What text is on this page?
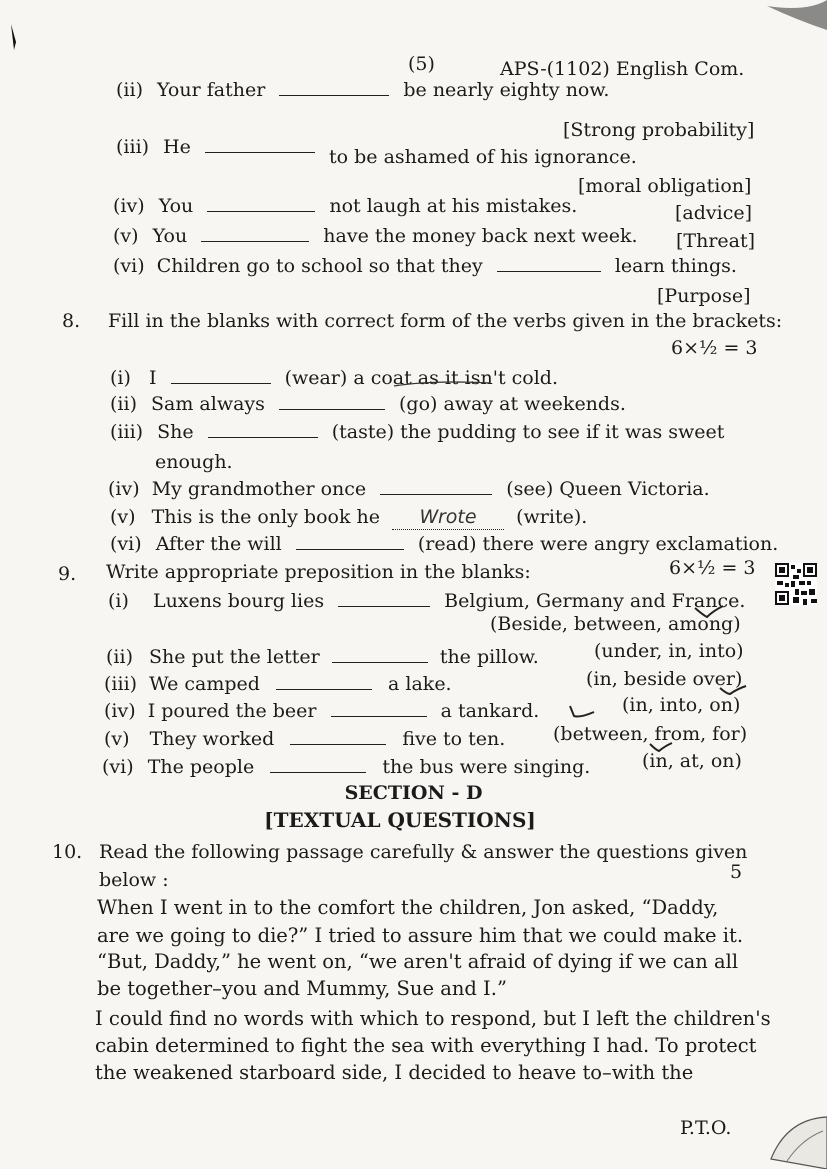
(5)	APS-(1102) English Com.
(ii) Your father	be nearly eighty now.
[Strong probability]
(iii) He	to be ashamed of his ignorance.
[moral obligation]
(iv) You	not laugh at his mistakes.	[advice]
(v) You	have the money back next week. [Threat]
(vi) Children go to school so that they	learn things.
[Purpose]
8. Fill in the blanks with correct form of the verbs given in the brackets:
6×½ = 3
(i) I	(wear) a coat as it isn't cold.
(ii) Sam always	(go) away at weekends.
(iii) She	(taste) the pudding to see if it was sweet
enough.
(iv) My grandmother once	(see) Queen Victoria.
(v) This is the only book he Wrote (write).
(vi) After the will	(read) there were angry exclamation.
9. Write appropriate preposition in the blanks:	6×½ = 3
(i) Luxens bourg lies	Belgium, Germany and France.
(Beside, between, among)
(ii) She put the letter	the pillow.	(under, in, into)
(iii) We camped	a lake.	(in, beside over)
(iv) I poured the beer	a tankard.	(in, into, on)
(v) They worked	five to ten.	(between, from, for)
(vi) The people	the bus were singing.	(in, at, on)
SECTION - D
[TEXTUAL QUESTIONS]
10. Read the following passage carefully & answer the questions given
below :	5
When I went in to the comfort the children, Jon asked, “Daddy,
are we going to die?” I tried to assure him that we could make it.
“But, Daddy,” he went on, “we aren't afraid of dying if we can all
be together–you and Mummy, Sue and I.”
I could find no words with which to respond, but I left the children's
cabin determined to fight the sea with everything I had. To protect
the weakened starboard side, I decided to heave to–with the
P.T.O.
